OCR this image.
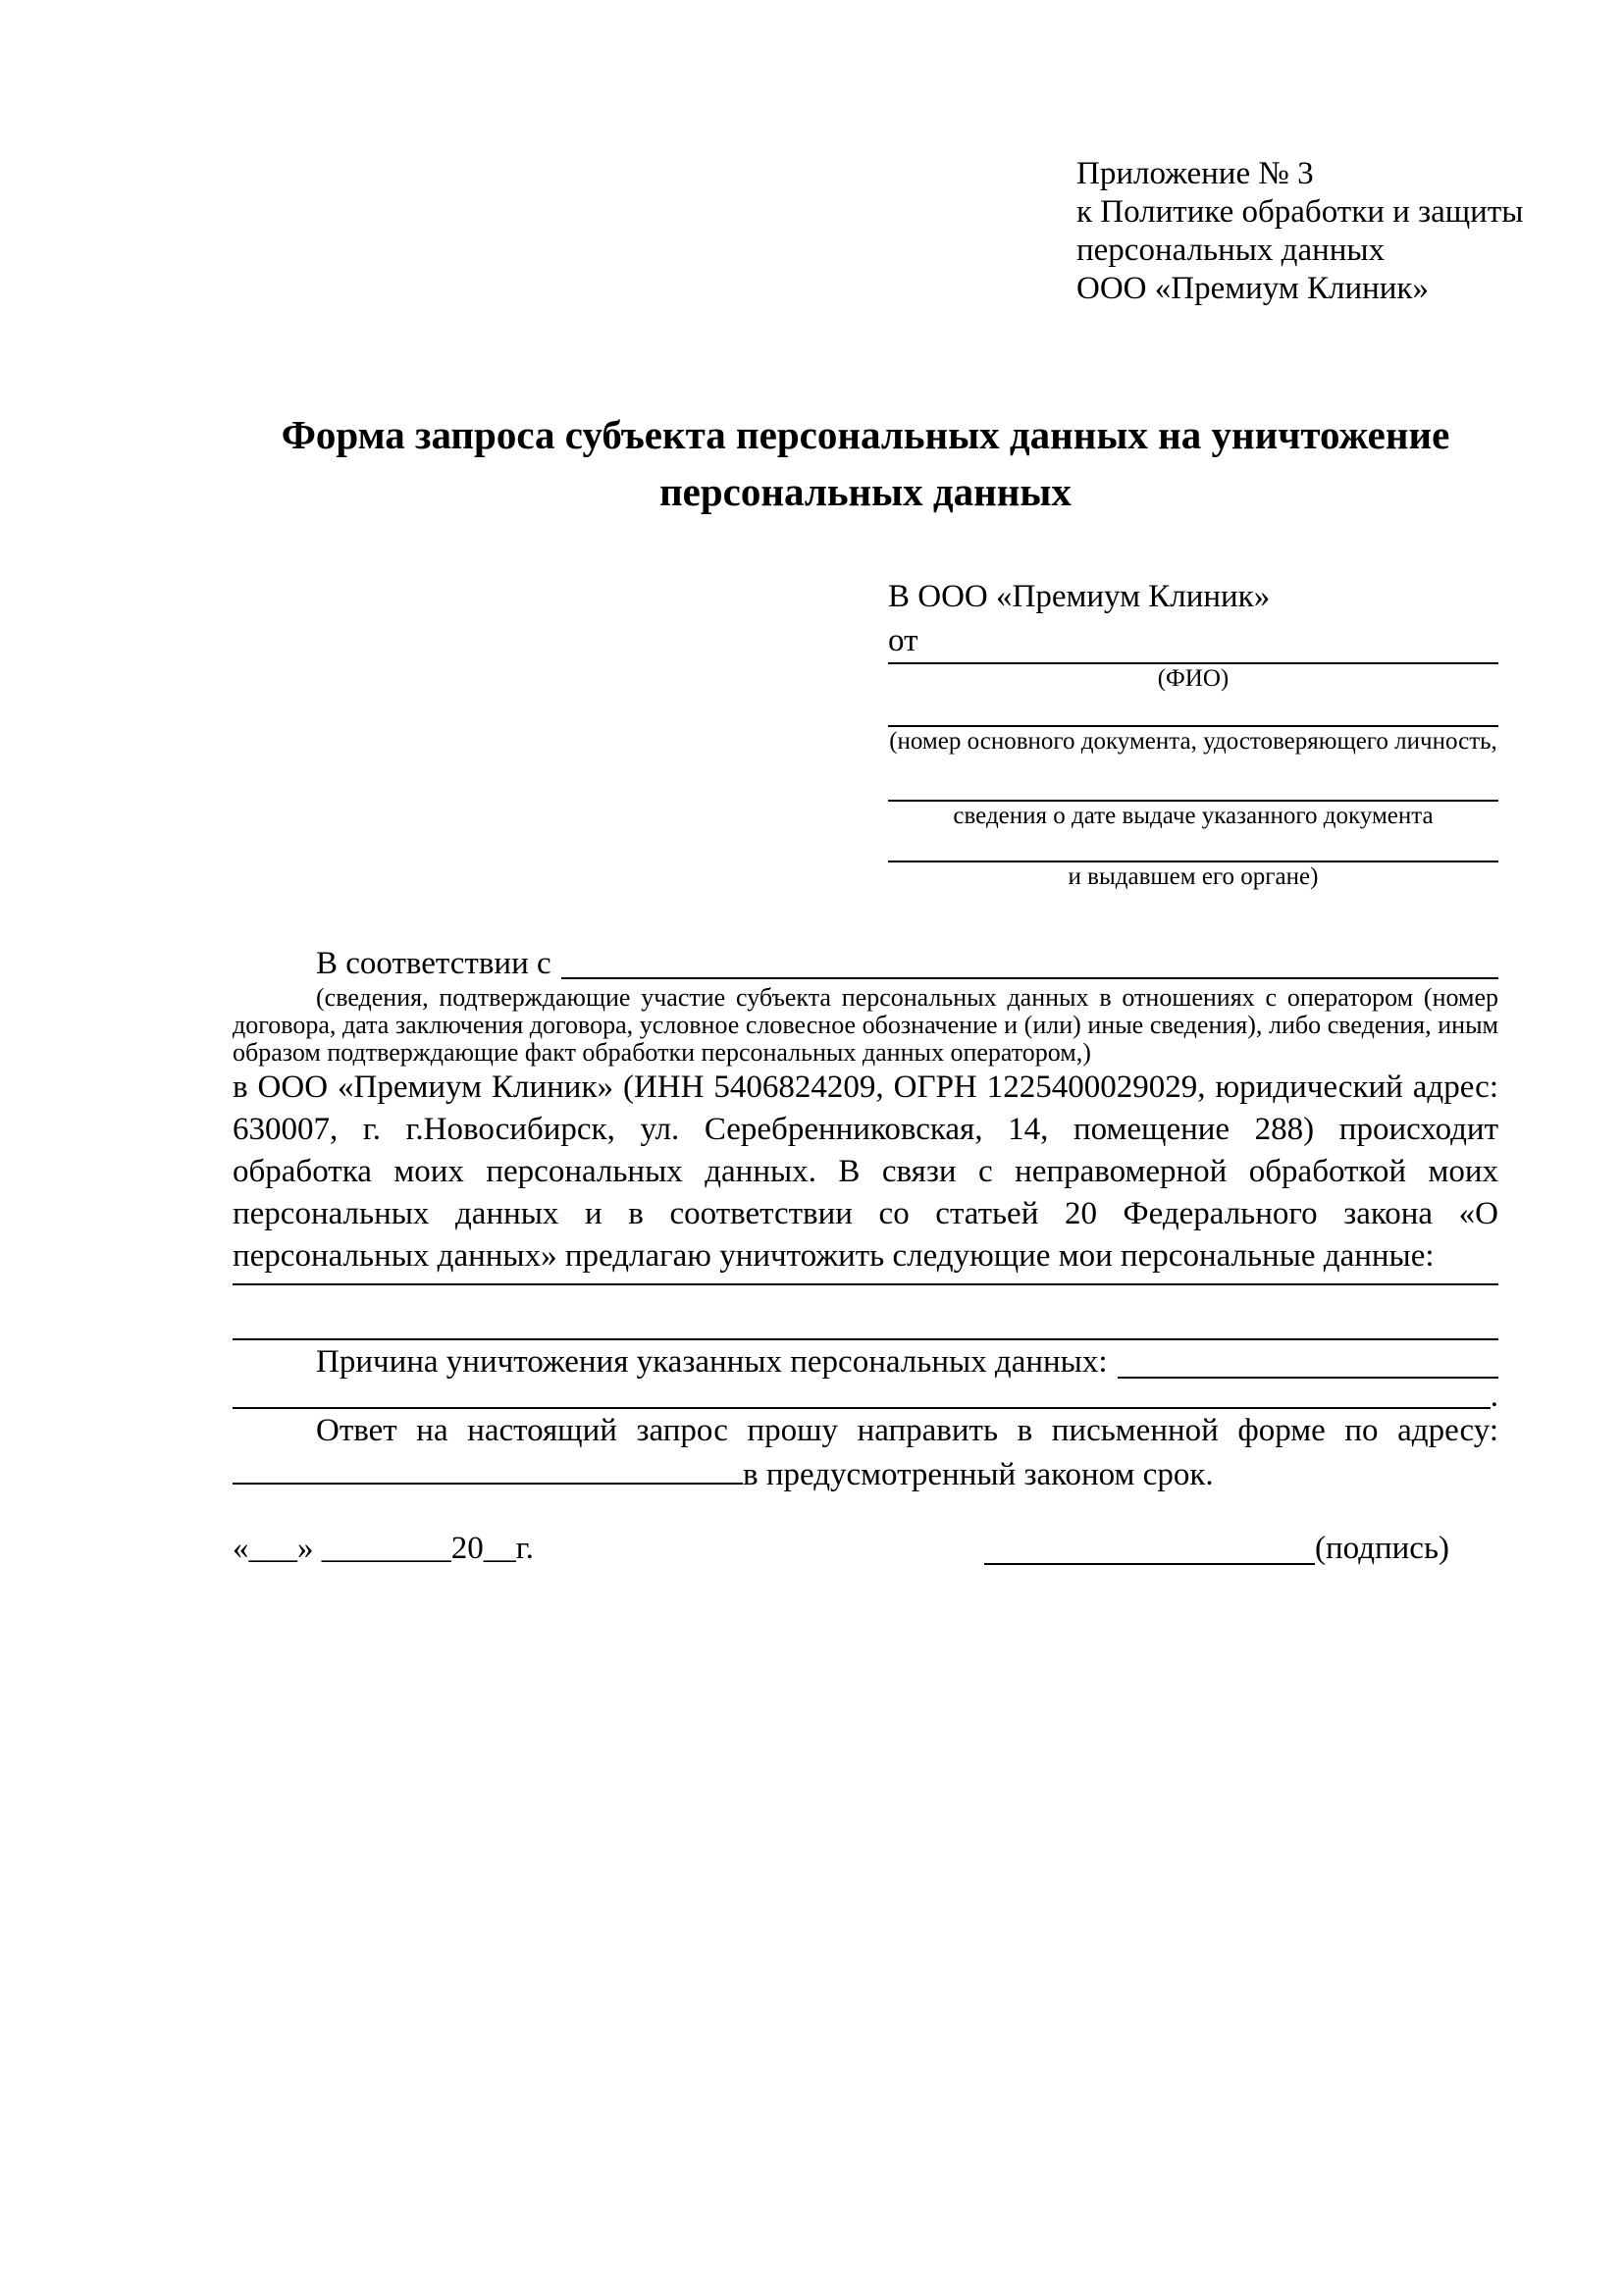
Приложение № 3
к Политике обработки и защиты
персональных данных
ООО «Премиум Клиник»
Форма запроса субъекта персональных данных на уничтожение персональных данных
В ООО «Премиум Клиник»
от
(ФИО)
(номер основного документа, удостоверяющего личность,
сведения о дате выдаче указанного документа
и выдавшем его органе)
В соответствии с

(сведения, подтверждающие участие субъекта персональных данных в отношениях с оператором (номер договора, дата заключения договора, условное словесное обозначение и (или) иные сведения), либо сведения, иным образом подтверждающие факт обработки персональных данных оператором,)

в ООО «Премиум Клиник» (ИНН 5406824209, ОГРН 1225400029029, юридический адрес: 630007, г. г.Новосибирск, ул. Серебренниковская, 14, помещение 288) происходит обработка моих персональных данных. В связи с неправомерной обработкой моих персональных данных и в соответствии со статьей 20 Федерального закона «О персональных данных» предлагаю уничтожить следующие мои персональные данные:

Причина уничтожения указанных персональных данных:
.

Ответ на настоящий запрос прошу направить в письменной форме по адресу: в предусмотренный законом срок.

«___» ________20__г.	(подпись)
